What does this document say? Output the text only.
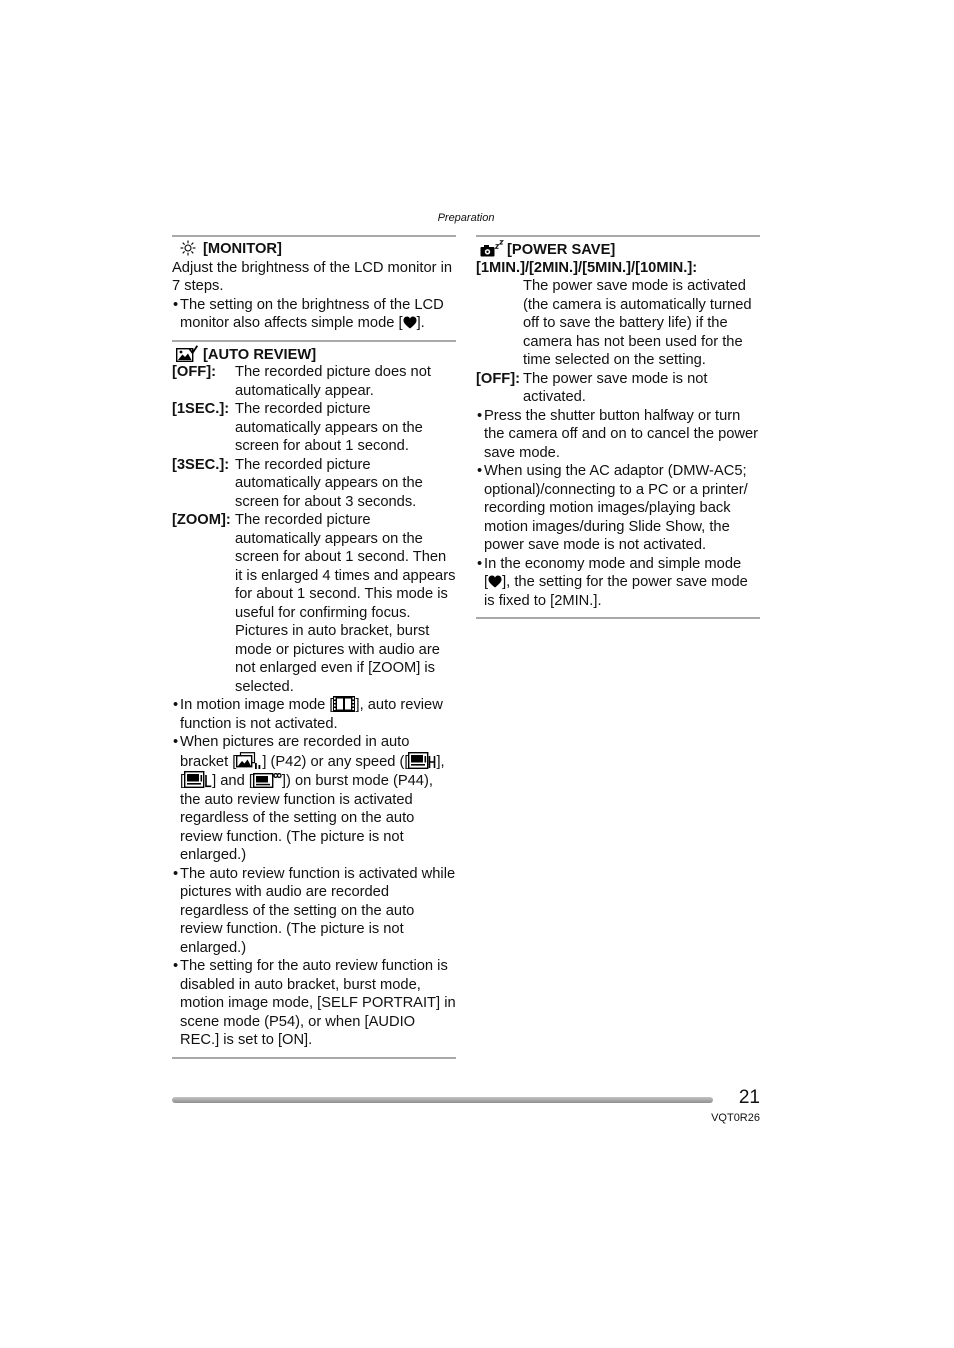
Preparation
[MONITOR]
Adjust the brightness of the LCD monitor in
7 steps.
• The setting on the brightness of the LCD
monitor also affects simple mode [ ].
[AUTO REVIEW]
[OFF]:	The recorded picture does not
automatically appear.
[1SEC.]: The recorded picture
automatically appears on the
screen for about 1 second.
[3SEC.]: The recorded picture
automatically appears on the
screen for about 3 seconds.
[ZOOM]: The recorded picture
automatically appears on the
screen for about 1 second. Then
it is enlarged 4 times and appears
for about 1 second. This mode is
useful for confirming focus.
Pictures in auto bracket, burst
mode or pictures with audio are
not enlarged even if [ZOOM] is
selected.
• In motion image mode [ ], auto review
function is not activated.
• When pictures are recorded in auto
bracket [ ] (P42) or any speed ([ ],
[ ] and [ ]) on burst mode (P44),
the auto review function is activated
regardless of the setting on the auto
review function. (The picture is not
enlarged.)
• The auto review function is activated while
pictures with audio are recorded
regardless of the setting on the auto
review function. (The picture is not
enlarged.)
• The setting for the auto review function is
disabled in auto bracket, burst mode,
motion image mode, [SELF PORTRAIT] in
scene mode (P54), or when [AUDIO
REC.] is set to [ON].
[POWER SAVE]
[1MIN.]/[2MIN.]/[5MIN.]/[10MIN.]:
The power save mode is activated
(the camera is automatically turned
off to save the battery life) if the
camera has not been used for the
time selected on the setting.
[OFF]: The power save mode is not
activated.
• Press the shutter button halfway or turn
the camera off and on to cancel the power
save mode.
• When using the AC adaptor (DMW-AC5;
optional)/connecting to a PC or a printer/
recording motion images/playing back
motion images/during Slide Show, the
power save mode is not activated.
• In the economy mode and simple mode
[ ], the setting for the power save mode
is fixed to [2MIN.].
21
VQT0R26
